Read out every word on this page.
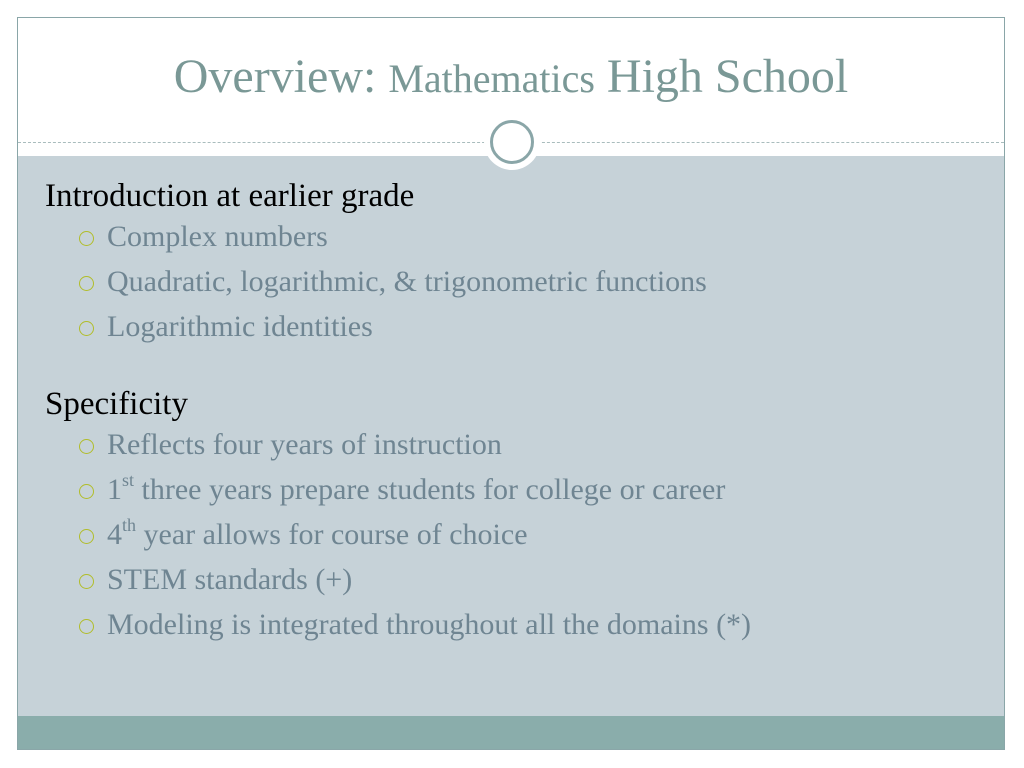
Overview: Mathematics High School

Introduction at earlier grade

Complex numbers
Quadratic, logarithmic, & trigonometric functions
Logarithmic identities

Specificity

Reflects four years of instruction
1st three years prepare students for college or career
4th year allows for course of choice
STEM standards (+)
Modeling is integrated throughout all the domains (*)
